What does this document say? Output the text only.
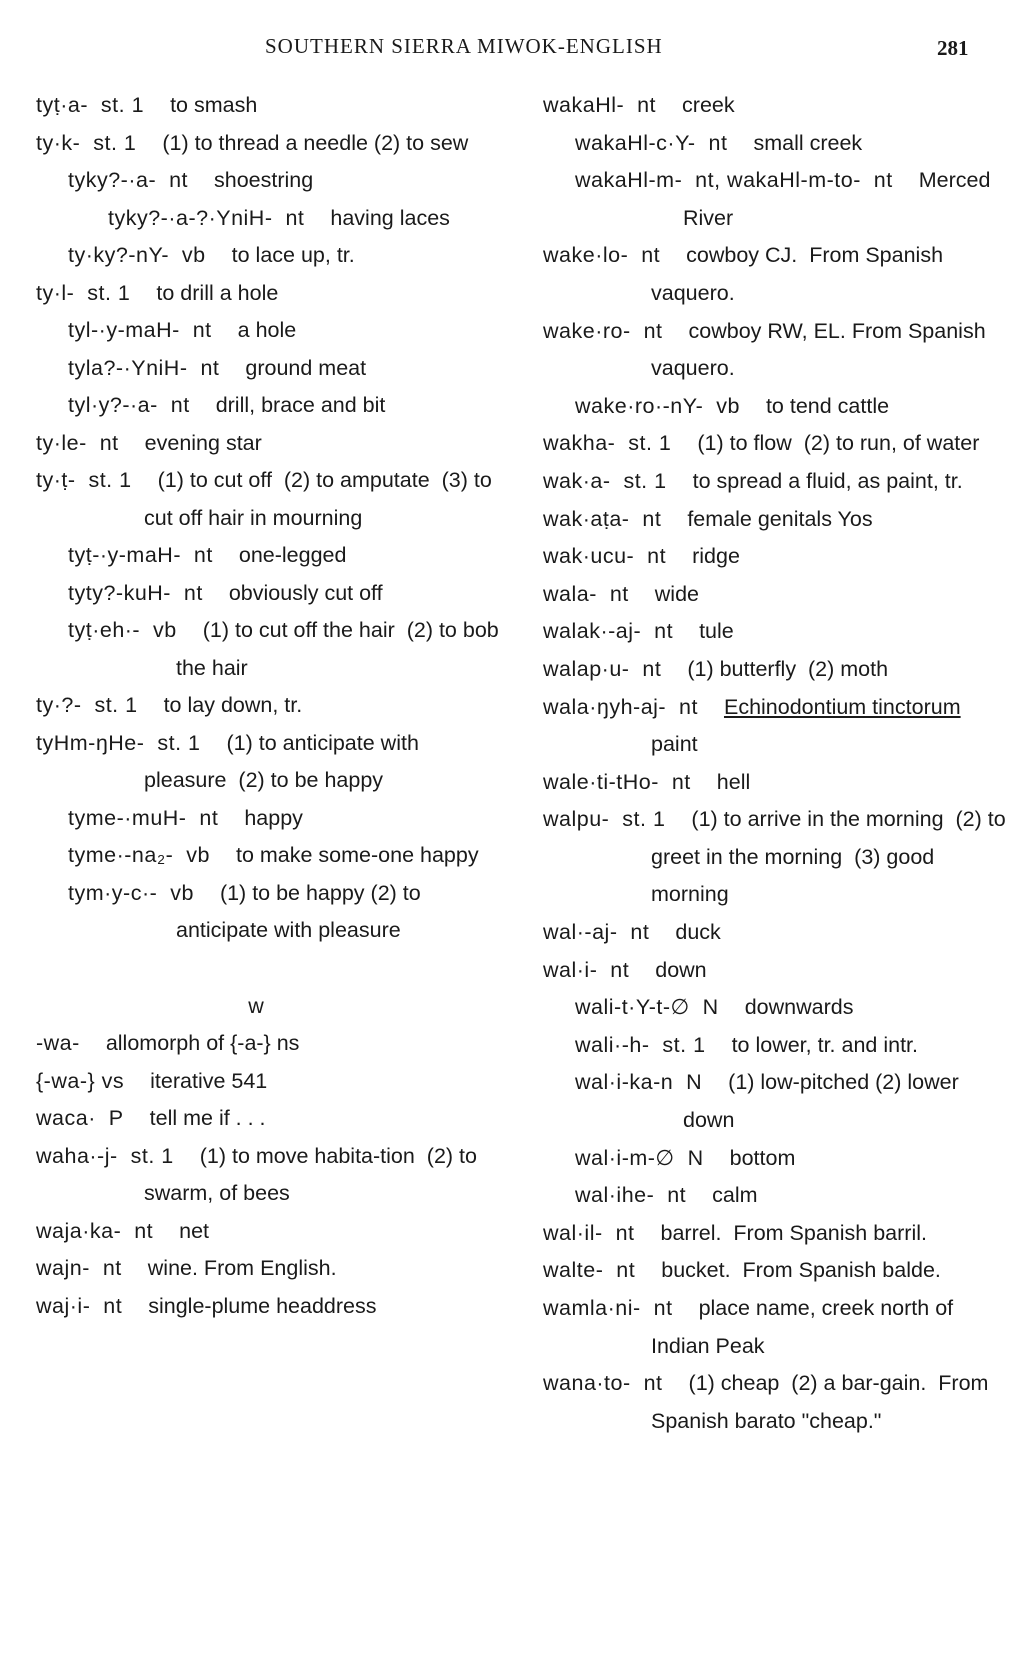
SOUTHERN SIERRA MIWOK-ENGLISH	281
tyṭ·a-  st. 1 to smash
ty·k-  st. 1 (1) to thread a needle (2) to sew
tyky?-·a-  nt shoestring
tyky?-·a-?·YniH-  nt having laces
ty·ky?-nY-  vb to lace up, tr.
ty·l-  st. 1 to drill a hole
tyl-·y-maH-  nt a hole
tyla?-·YniH-  nt ground meat
tyl·y?-·a-  nt drill, brace and bit
ty·le-  nt evening star
ty·ṭ-  st. 1 (1) to cut off  (2) to amputate  (3) to cut off hair in mourning
tyṭ-·y-maH-  nt one-legged
tyty?-kuH-  nt obviously cut off
tyṭ·eh·-  vb (1) to cut off the hair  (2) to bob the hair
ty·?-  st. 1 to lay down, tr.
tyHm-ŋHe-  st. 1 (1) to anticipate with pleasure  (2) to be happy
tyme-·muH-  nt happy
tyme·-na₂-  vb to make some-one happy
tym·y-c·-  vb (1) to be happy (2) to anticipate with pleasure
w
-wa- allomorph of {-a-} ns
{-wa-} vs iterative 541
waca·  P tell me if . . .
waha·-j-  st. 1 (1) to move habita-tion  (2) to swarm, of bees
waja·ka-  nt net
wajn-  nt wine. From English.
waj·i-  nt single-plume headdress
wakaHl-  nt creek
wakaHl-c·Y-  nt small creek
wakaHl-m-  nt, wakaHl-m-to-  nt Merced River
wake·lo-  nt cowboy CJ.  From Spanish vaquero.
wake·ro-  nt cowboy RW, EL. From Spanish vaquero.
wake·ro·-nY-  vb to tend cattle
wakha-  st. 1 (1) to flow  (2) to run, of water
wak·a-  st. 1 to spread a fluid, as paint, tr.
wak·aṭa-  nt female genitals Yos
wak·ucu-  nt ridge
wala-  nt wide
walak·-aj-  nt tule
walap·u-  nt (1) butterfly  (2) moth
wala·ŋyh-aj-  nt Echinodontium tinctorum paint
wale·ti-tHo-  nt hell
walpu-  st. 1 (1) to arrive in the morning  (2) to greet in the morning  (3) good morning
wal·-aj-  nt duck
wal·i-  nt down
wali-t·Y-t-∅  N downwards
wali·-h-  st. 1 to lower, tr. and intr.
wal·i-ka-n  N (1) low-pitched (2) lower down
wal·i-m-∅  N bottom
wal·ihe-  nt calm
wal·il-  nt barrel.  From Spanish barril.
walte-  nt bucket.  From Spanish balde.
wamla·ni-  nt place name, creek north of Indian Peak
wana·to-  nt (1) cheap  (2) a bar-gain.  From Spanish barato "cheap."
